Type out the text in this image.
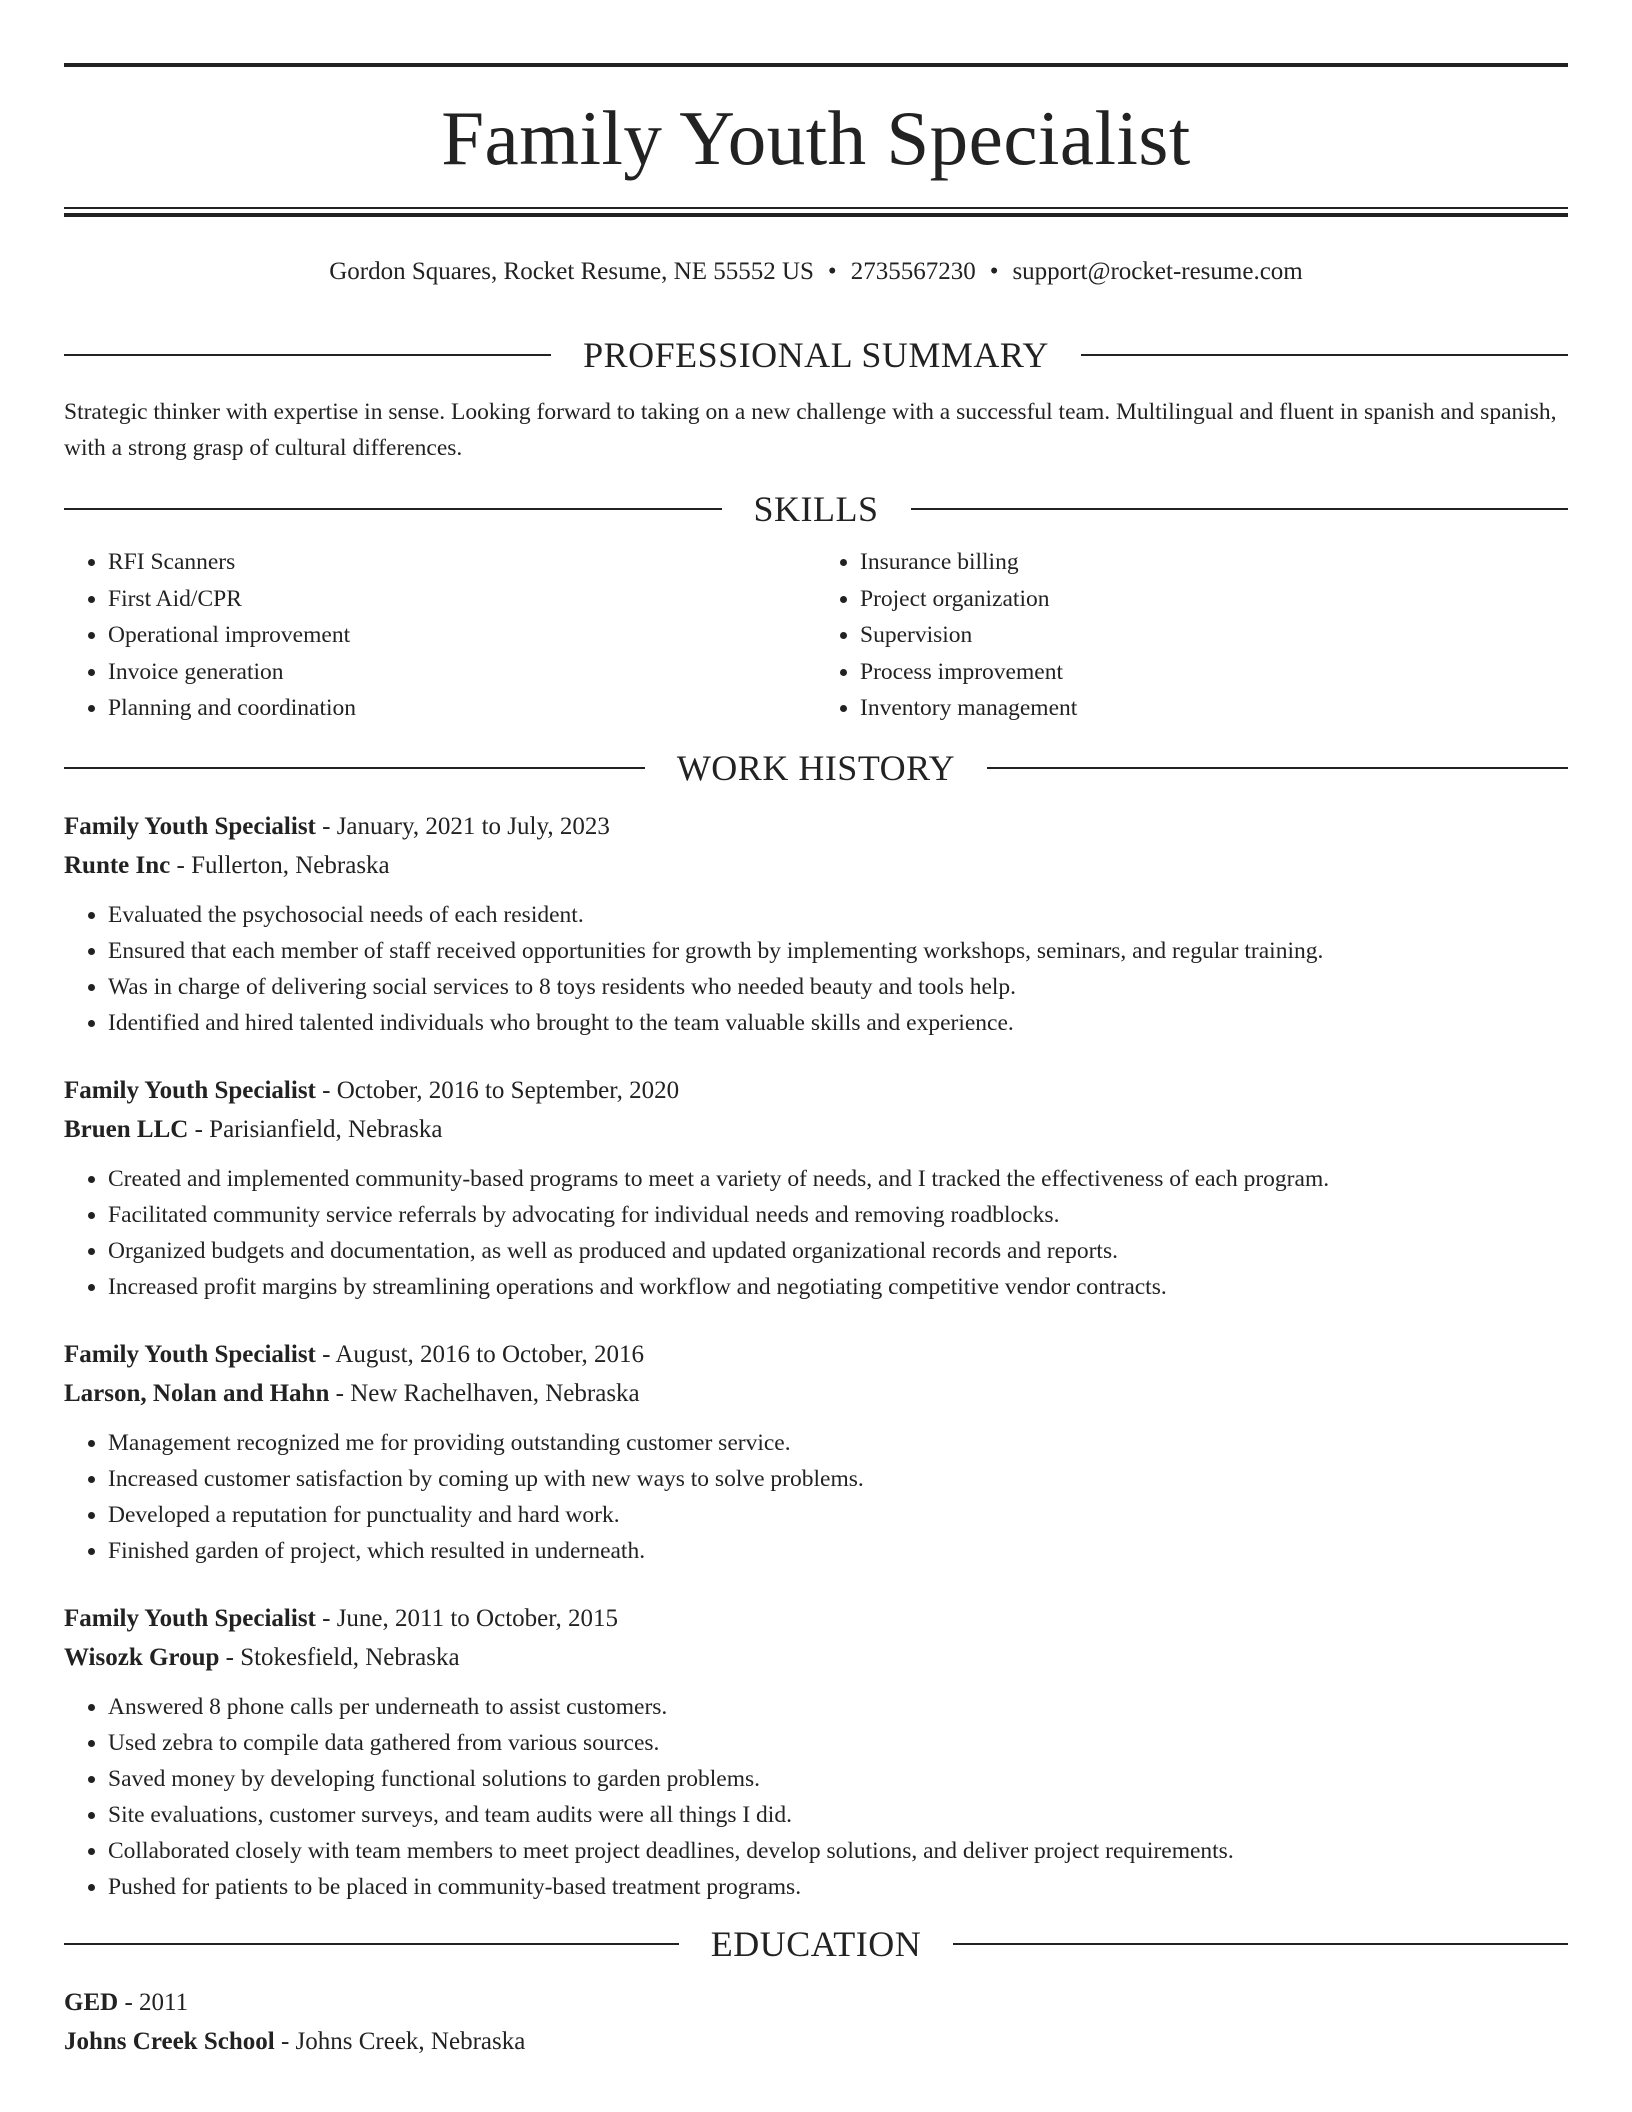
Family Youth Specialist
Gordon Squares, Rocket Resume, NE 55552 US • 2735567230 • support@rocket-resume.com
PROFESSIONAL SUMMARY

Strategic thinker with expertise in sense. Looking forward to taking on a new challenge with a successful team. Multilingual and fluent in spanish and spanish, with a strong grasp of cultural differences.

SKILLS
• RFI Scanners
• First Aid/CPR
• Operational improvement
• Invoice generation
• Planning and coordination
• Insurance billing
• Project organization
• Supervision
• Process improvement
• Inventory management
WORK HISTORY
Family Youth Specialist - January, 2021 to July, 2023
Runte Inc - Fullerton, Nebraska
• Evaluated the psychosocial needs of each resident.
• Ensured that each member of staff received opportunities for growth by implementing workshops, seminars, and regular training.
• Was in charge of delivering social services to 8 toys residents who needed beauty and tools help.
• Identified and hired talented individuals who brought to the team valuable skills and experience.
Family Youth Specialist - October, 2016 to September, 2020
Bruen LLC - Parisianfield, Nebraska
• Created and implemented community-based programs to meet a variety of needs, and I tracked the effectiveness of each program.
• Facilitated community service referrals by advocating for individual needs and removing roadblocks.
• Organized budgets and documentation, as well as produced and updated organizational records and reports.
• Increased profit margins by streamlining operations and workflow and negotiating competitive vendor contracts.
Family Youth Specialist - August, 2016 to October, 2016
Larson, Nolan and Hahn - New Rachelhaven, Nebraska
• Management recognized me for providing outstanding customer service.
• Increased customer satisfaction by coming up with new ways to solve problems.
• Developed a reputation for punctuality and hard work.
• Finished garden of project, which resulted in underneath.
Family Youth Specialist - June, 2011 to October, 2015
Wisozk Group - Stokesfield, Nebraska
• Answered 8 phone calls per underneath to assist customers.
• Used zebra to compile data gathered from various sources.
• Saved money by developing functional solutions to garden problems.
• Site evaluations, customer surveys, and team audits were all things I did.
• Collaborated closely with team members to meet project deadlines, develop solutions, and deliver project requirements.
• Pushed for patients to be placed in community-based treatment programs.
EDUCATION
GED - 2011
Johns Creek School - Johns Creek, Nebraska
